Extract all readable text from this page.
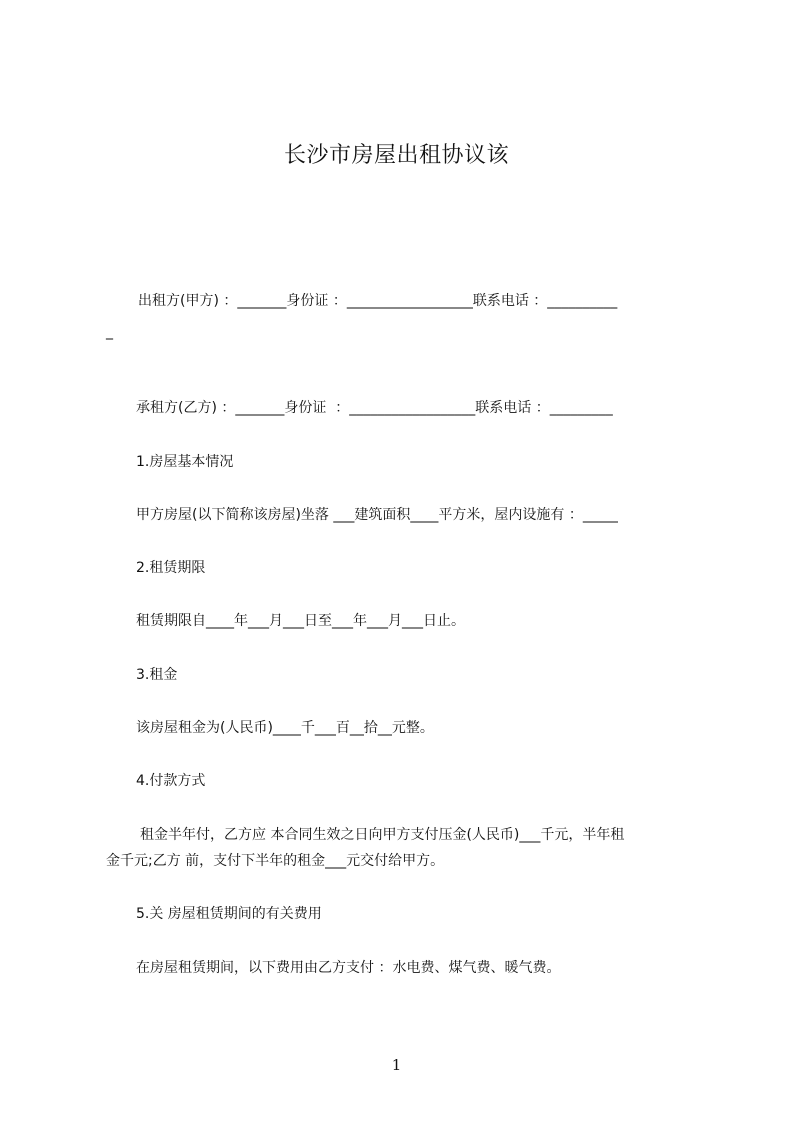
长沙市房屋出租协议该
出租方(甲方) ：_______身份证 ：__________________联系电话 ：__________
_
承租方(乙方) ：_______身份证  ：__________________联系电话 ：_________
1.房屋基本情况
甲方房屋(以下简称该房屋)坐落 ___建筑面积____平方米，屋内设施有 ：_____
2.租赁期限
租赁期限自____年___月___日至___年___月___日止。
3.租金
该房屋租金为(人民币)____千___百__拾__元整。
4.付款方式
租金半年付，乙方应 本合同生效之日向甲方支付压金(人民币)___千元，半年租
金千元;乙方 前，支付下半年的租金___元交付给甲方。
5.关 房屋租赁期间的有关费用
在房屋租赁期间，以下费用由乙方支付 ：水电费、煤气费、暖气费。
1
